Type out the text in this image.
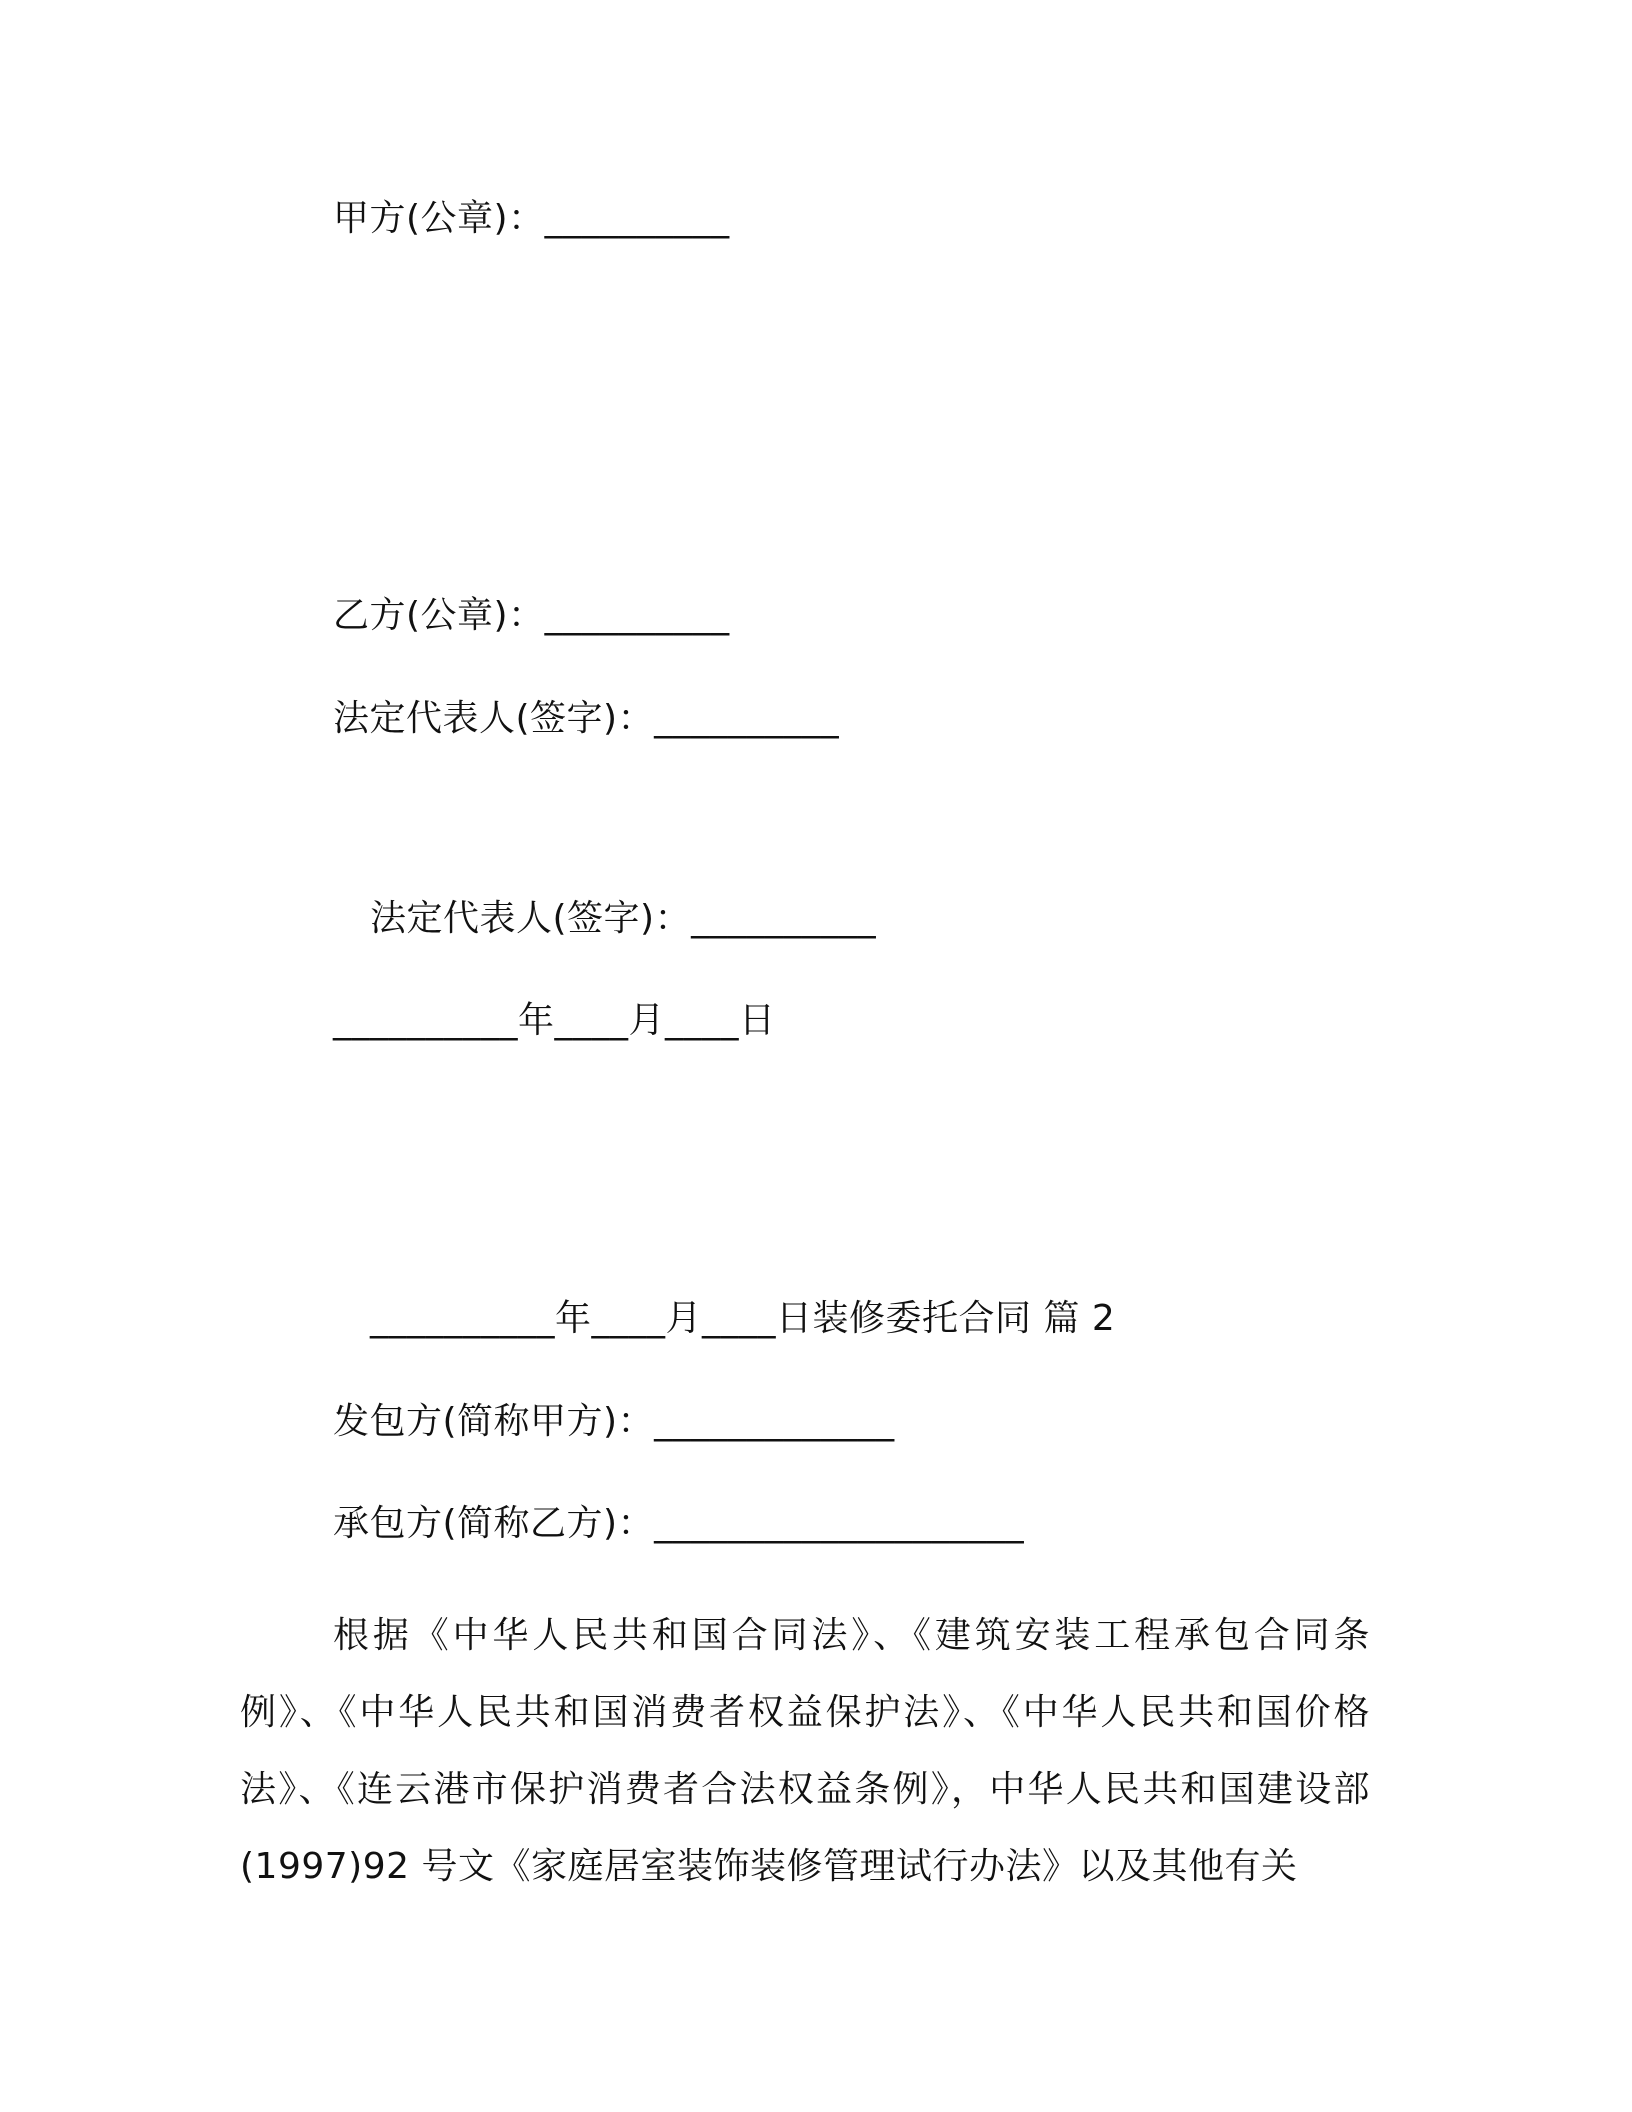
甲方(公章)：__________
乙方(公章)：__________
法定代表人(签字)：__________
法定代表人(签字)：__________
__________年____月____日
__________年____月____日装修委托合同 篇 2
发包方(简称甲方)：_____________
承包方(简称乙方)：____________________
根据《中华人民共和国合同法》、《建筑安装工程承包合同条例》、《中华人民共和国消费者权益保护法》、《中华人民共和国价格法》、《连云港市保护消费者合法权益条例》，中华人民共和国建设部(1997)92 号文《家庭居室装饰装修管理试行办法》以及其他有关
